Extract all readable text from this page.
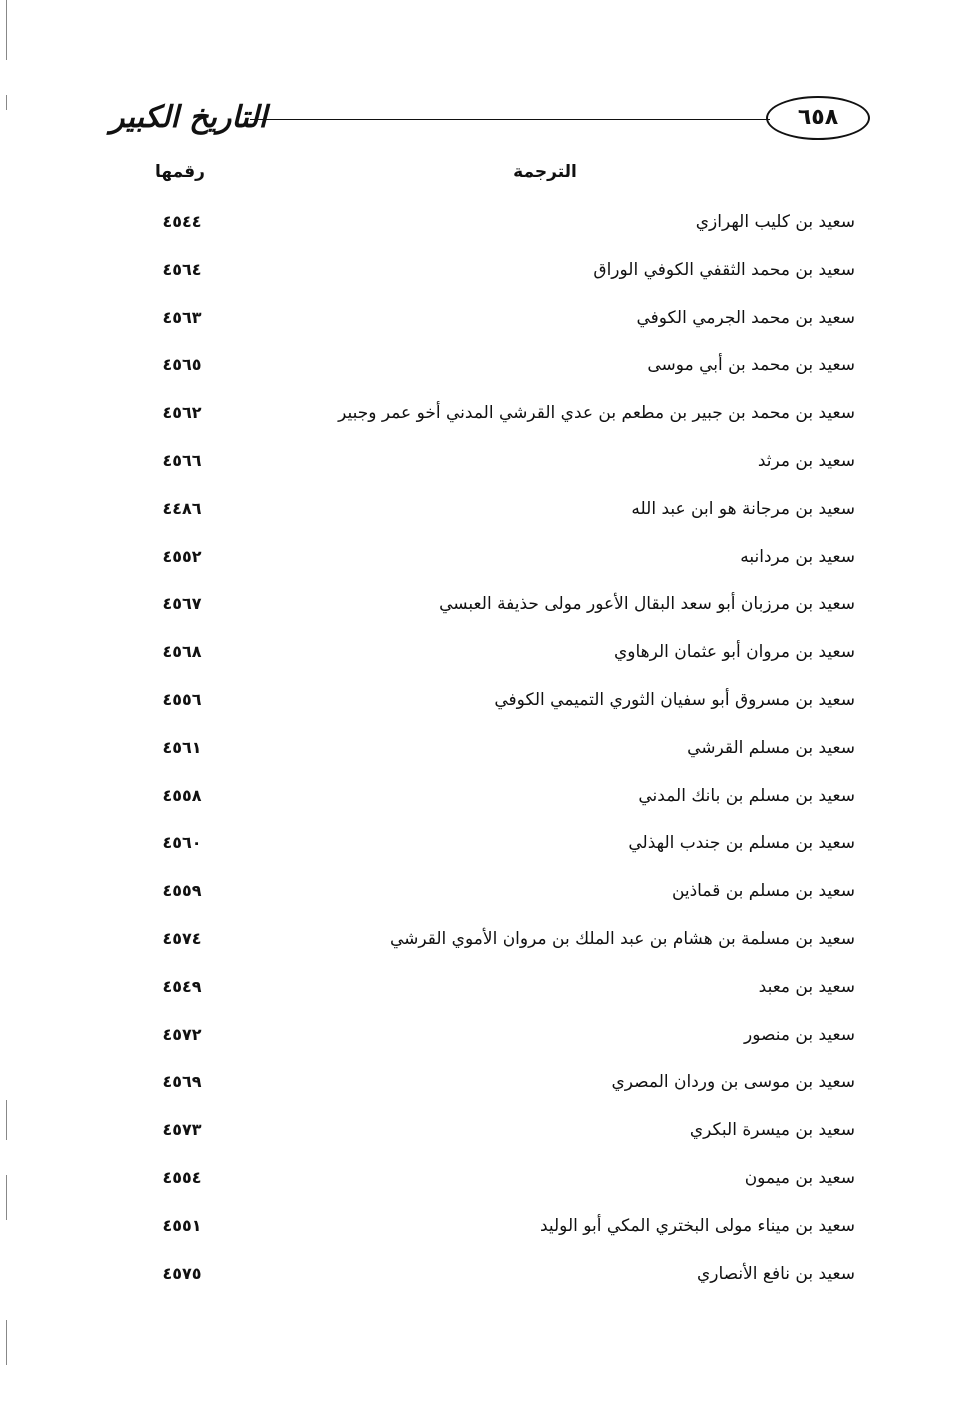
التاريخ الكبير	٦٥٨
الترجمة
رقمها
سعيد بن كليب الهرازي
٤٥٤٤
سعيد بن محمد الثقفي الكوفي الوراق
٤٥٦٤
سعيد بن محمد الجرمي الكوفي
٤٥٦٣
سعيد بن محمد بن أبي موسى
٤٥٦٥
سعيد بن محمد بن جبير بن مطعم بن عدي القرشي المدني أخو عمر وجبير
٤٥٦٢
سعيد بن مرثد
٤٥٦٦
سعيد بن مرجانة هو ابن عبد الله
٤٤٨٦
سعيد بن مردانبه
٤٥٥٢
سعيد بن مرزبان أبو سعد البقال الأعور مولى حذيفة العبسي
٤٥٦٧
سعيد بن مروان أبو عثمان الرهاوي
٤٥٦٨
سعيد بن مسروق أبو سفيان الثوري التميمي الكوفي
٤٥٥٦
سعيد بن مسلم القرشي
٤٥٦١
سعيد بن مسلم بن بانك المدني
٤٥٥٨
سعيد بن مسلم بن جندب الهذلي
٤٥٦٠
سعيد بن مسلم بن قماذين
٤٥٥٩
سعيد بن مسلمة بن هشام بن عبد الملك بن مروان الأموي القرشي
٤٥٧٤
سعيد بن معبد
٤٥٤٩
سعيد بن منصور
٤٥٧٢
سعيد بن موسى بن وردان المصري
٤٥٦٩
سعيد بن ميسرة البكري
٤٥٧٣
سعيد بن ميمون
٤٥٥٤
سعيد بن ميناء مولى البختري المكي أبو الوليد
٤٥٥١
سعيد بن نافع الأنصاري
٤٥٧٥
